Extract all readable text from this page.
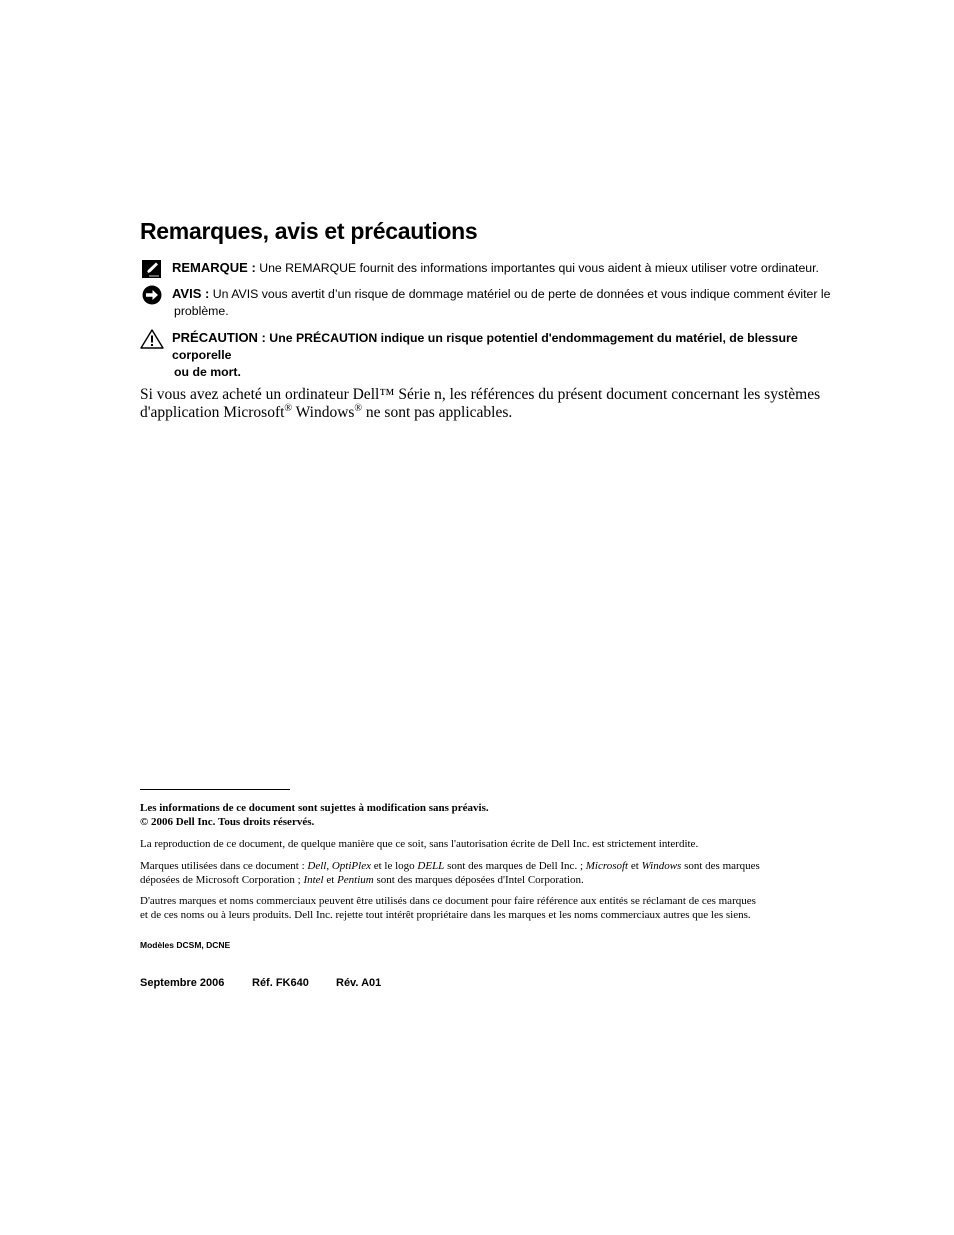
Remarques, avis et précautions
REMARQUE : Une REMARQUE fournit des informations importantes qui vous aident à mieux utiliser votre ordinateur.
AVIS : Un AVIS vous avertit d’un risque de dommage matériel ou de perte de données et vous indique comment éviter le
problème.
PRÉCAUTION : Une PRÉCAUTION indique un risque potentiel d'endommagement du matériel, de blessure corporelle
ou de mort.
Si vous avez acheté un ordinateur Dell™ Série n, les références du présent document concernant les systèmes
d'application Microsoft® Windows® ne sont pas applicables.
Les informations de ce document sont sujettes à modification sans préavis.
© 2006 Dell Inc. Tous droits réservés.
La reproduction de ce document, de quelque manière que ce soit, sans l'autorisation écrite de Dell Inc. est strictement interdite.
Marques utilisées dans ce document : Dell, OptiPlex et le logo DELL sont des marques de Dell Inc. ; Microsoft et Windows sont des marques
déposées de Microsoft Corporation ; Intel et Pentium sont des marques déposées d'Intel Corporation.
D'autres marques et noms commerciaux peuvent être utilisés dans ce document pour faire référence aux entités se réclamant de ces marques
et de ces noms ou à leurs produits. Dell Inc. rejette tout intérêt propriétaire dans les marques et les noms commerciaux autres que les siens.
Modèles DCSM, DCNE
Septembre 2006	Réf. FK640 Rév. A01
